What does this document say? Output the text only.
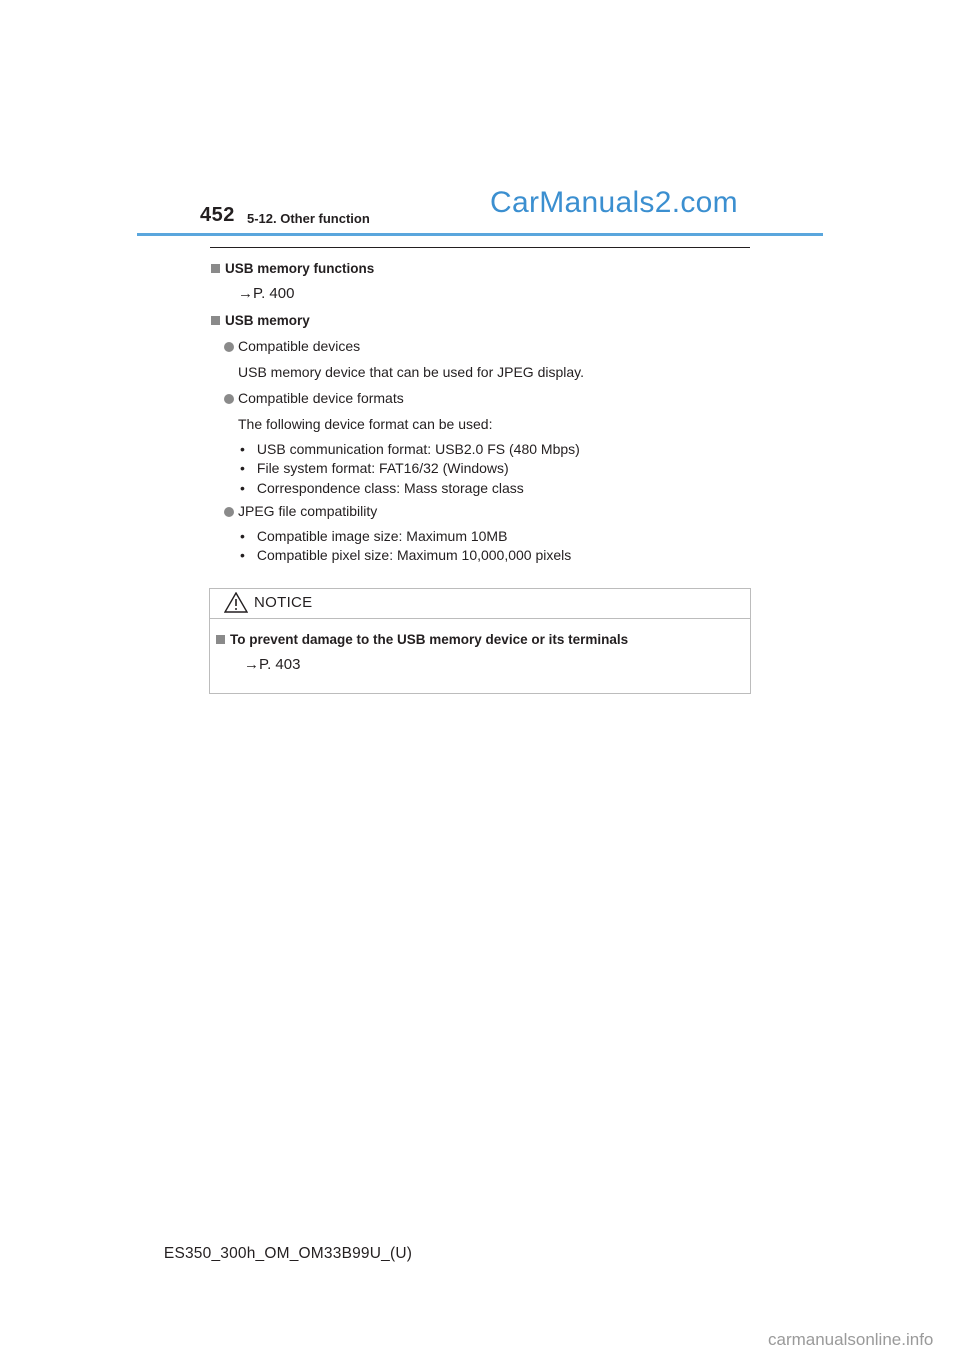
452 5-12. Other function	CarManuals2.com
USB memory functions
→P. 400
USB memory
Compatible devices
USB memory device that can be used for JPEG display.
Compatible device formats
The following device format can be used:
• USB communication format: USB2.0 FS (480 Mbps)
• File system format: FAT16/32 (Windows)
• Correspondence class: Mass storage class
JPEG file compatibility
• Compatible image size: Maximum 10MB
• Compatible pixel size: Maximum 10,000,000 pixels
NOTICE
To prevent damage to the USB memory device or its terminals
→P. 403
ES350_300h_OM_OM33B99U_(U)
carmanualsonline.info
